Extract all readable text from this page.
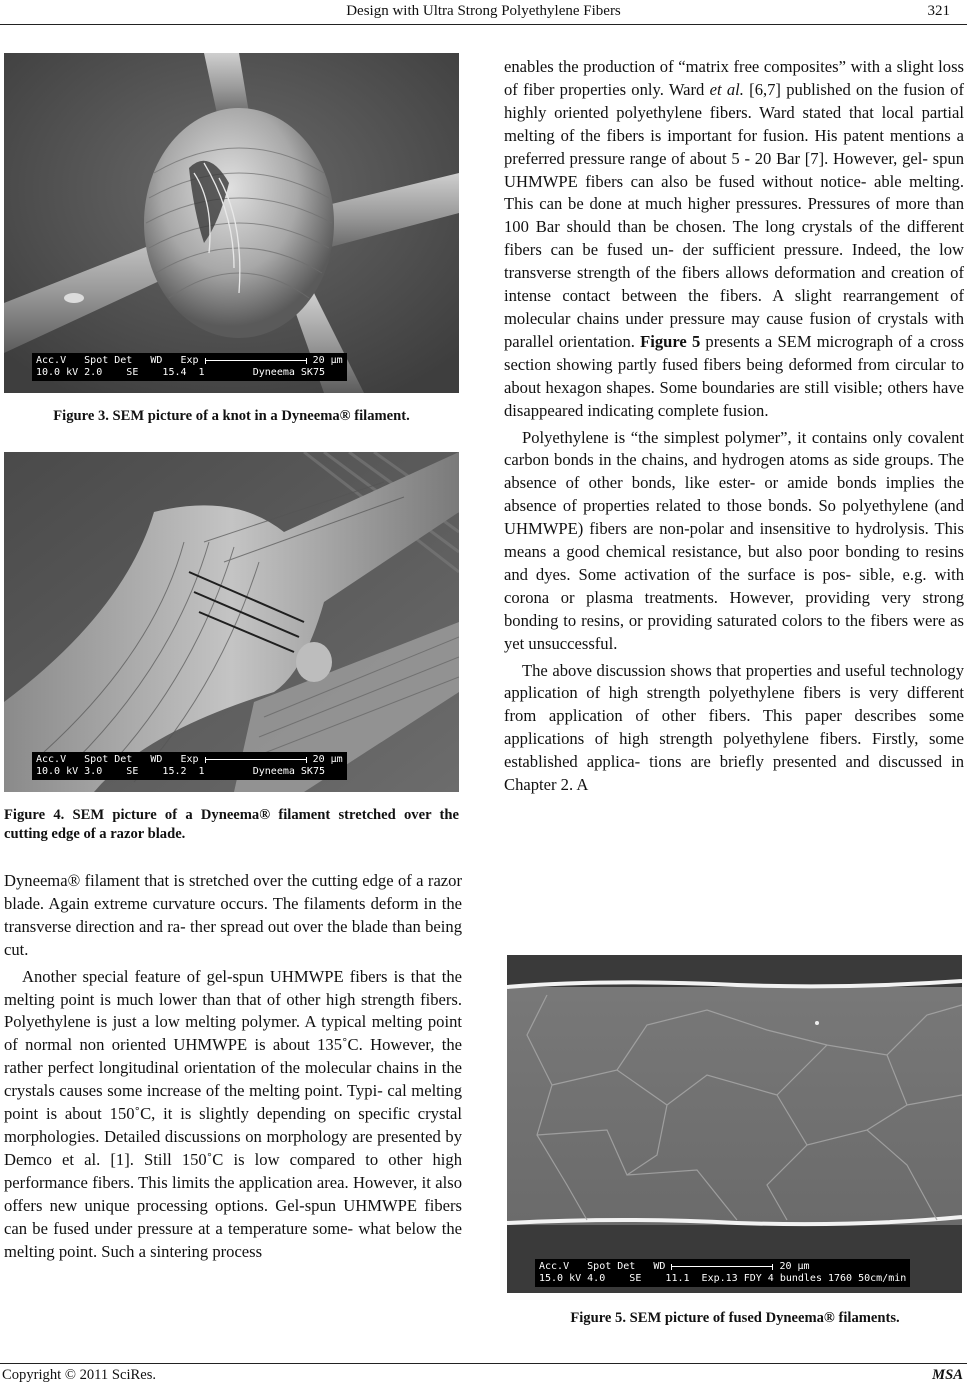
Design with Ultra Strong Polyethylene Fibers	321
Acc.V   Spot Det   WD   Exp	20 µm
10.0 kV 2.0    SE    15.4  1        Dyneema SK75
Figure 3. SEM picture of a knot in a Dyneema® filament.
Acc.V   Spot Det   WD   Exp	20 µm
10.0 kV 3.0    SE    15.2  1        Dyneema SK75
Figure 4. SEM picture of a Dyneema® filament stretched over the cutting edge of a razor blade.

Dyneema® filament that is stretched over the cutting edge of a razor blade. Again extreme curvature occurs. The filaments deform in the transverse direction and ra- ther spread out over the blade than being cut.

Another special feature of gel-spun UHMWPE fibers is that the melting point is much lower than that of other high strength fibers. Polyethylene is just a low melting polymer. A typical melting point of normal non oriented UHMWPE is about 135˚C. However, the rather perfect longitudinal orientation of the molecular chains in the crystals causes some increase of the melting point. Typi- cal melting point is about 150˚C, it is slightly depending on specific crystal morphologies. Detailed discussions on morphology are presented by Demco et al. [1]. Still 150˚C is low compared to other high performance fibers. This limits the application area. However, it also offers new unique processing options. Gel-spun UHMWPE fibers can be fused under pressure at a temperature some- what below the melting point. Such a sintering process

enables the production of “matrix free composites” with a slight loss of fiber properties only. Ward et al. [6,7] published on the fusion of highly oriented polyethylene fibers. Ward stated that local partial melting of the fibers is important for fusion. His patent mentions a preferred pressure range of about 5 - 20 Bar [7]. However, gel- spun UHMWPE fibers can also be fused without notice- able melting. This can be done at much higher pressures. Pressures of more than 100 Bar should than be chosen. The long crystals of the different fibers can be fused un- der sufficient pressure. Indeed, the low transverse strength of the fibers allows deformation and creation of intense contact between the fibers. A slight rearrangement of molecular chains under pressure may cause fusion of crystals with parallel orientation. Figure 5 presents a SEM micrograph of a cross section showing partly fused fibers being deformed from circular to about hexagon shapes. Some boundaries are still visible; others have disappeared indicating complete fusion.

Polyethylene is “the simplest polymer”, it contains only covalent carbon bonds in the chains, and hydrogen atoms as side groups. The absence of other bonds, like ester- or amide bonds implies the absence of properties related to those bonds. So polyethylene (and UHMWPE) fibers are non-polar and insensitive to hydrolysis. This means a good chemical resistance, but also poor bonding to resins and dyes. Some activation of the surface is pos- sible, e.g. with corona or plasma treatments. However, providing very strong bonding to resins, or providing saturated colors to the fibers were as yet unsuccessful.

The above discussion shows that properties and useful technology application of high strength polyethylene fibers is very different from application of other fibers. This paper describes some applications of high strength polyethylene fibers. Firstly, some established applica- tions are briefly presented and discussed in Chapter 2. A

Acc.V   Spot Det   WD	20 µm
15.0 kV 4.0    SE    11.1  Exp.13 FDY 4 bundles 1760 50cm/min
Figure 5. SEM picture of fused Dyneema® filaments.
Copyright © 2011 SciRes.	MSA
